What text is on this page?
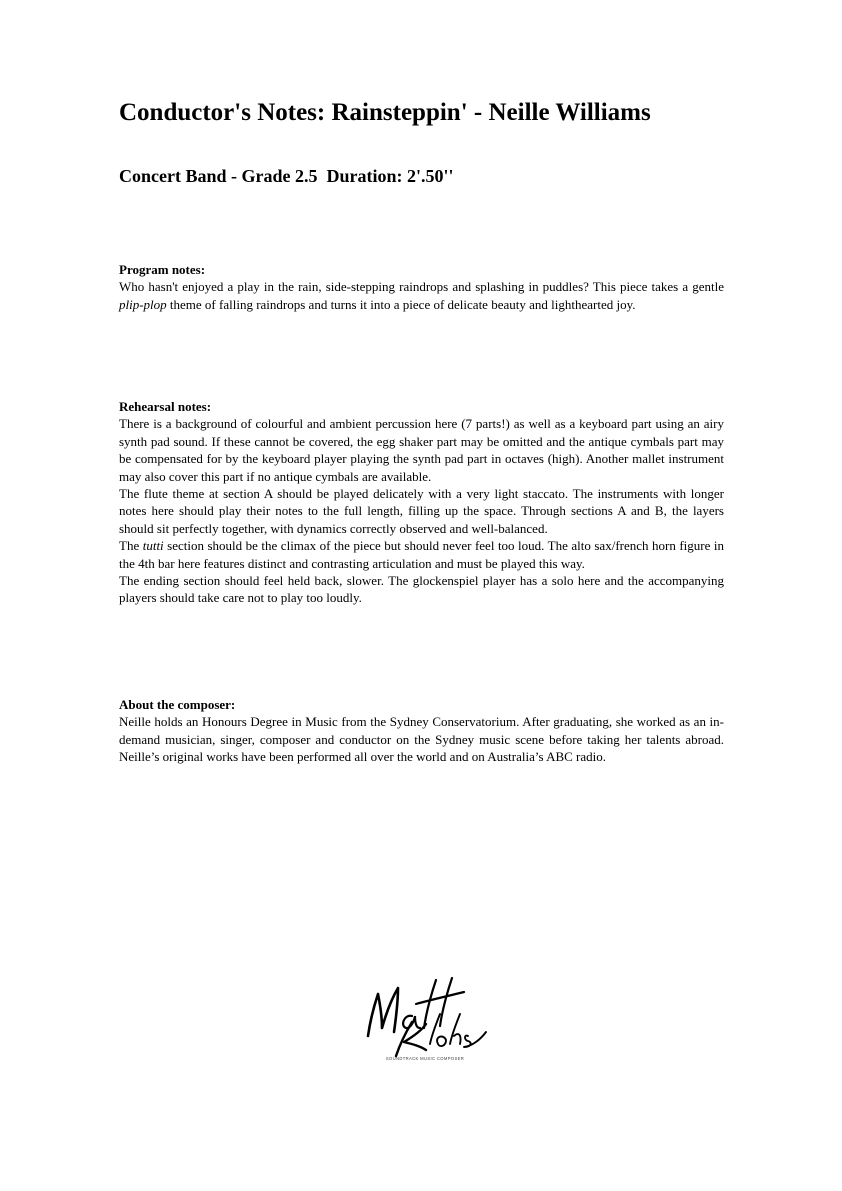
Conductor's Notes: Rainsteppin' - Neille Williams
Concert Band - Grade 2.5  Duration: 2'.50''

Program notes:

Who hasn't enjoyed a play in the rain, side-stepping raindrops and splashing in puddles? This piece takes a gentle plip-plop theme of falling raindrops and turns it into a piece of delicate beauty and lighthearted joy.

Rehearsal notes:

There is a background of colourful and ambient percussion here (7 parts!) as well as a keyboard part using an airy synth pad sound. If these cannot be covered, the egg shaker part may be omitted and the antique cymbals part may be compensated for by the keyboard player playing the synth pad part in octaves (high). Another mallet instrument may also cover this part if no antique cymbals are available.

The flute theme at section A should be played delicately with a very light staccato. The instruments with longer notes here should play their notes to the full length, filling up the space. Through sections A and B, the layers should sit perfectly together, with dynamics correctly observed and well-balanced.

The tutti section should be the climax of the piece but should never feel too loud. The alto sax/french horn figure in the 4th bar here features distinct and contrasting articulation and must be played this way.

The ending section should feel held back, slower. The glockenspiel player has a solo here and the accompanying players should take care not to play too loudly.

About the composer:

Neille holds an Honours Degree in Music from the Sydney Conservatorium. After graduating, she worked as an in-demand musician, singer, composer and conductor on the Sydney music scene before taking her talents abroad. Neille’s original works have been performed all over the world and on Australia’s ABC radio.

SOUNDTRACK MUSIC COMPOSER
